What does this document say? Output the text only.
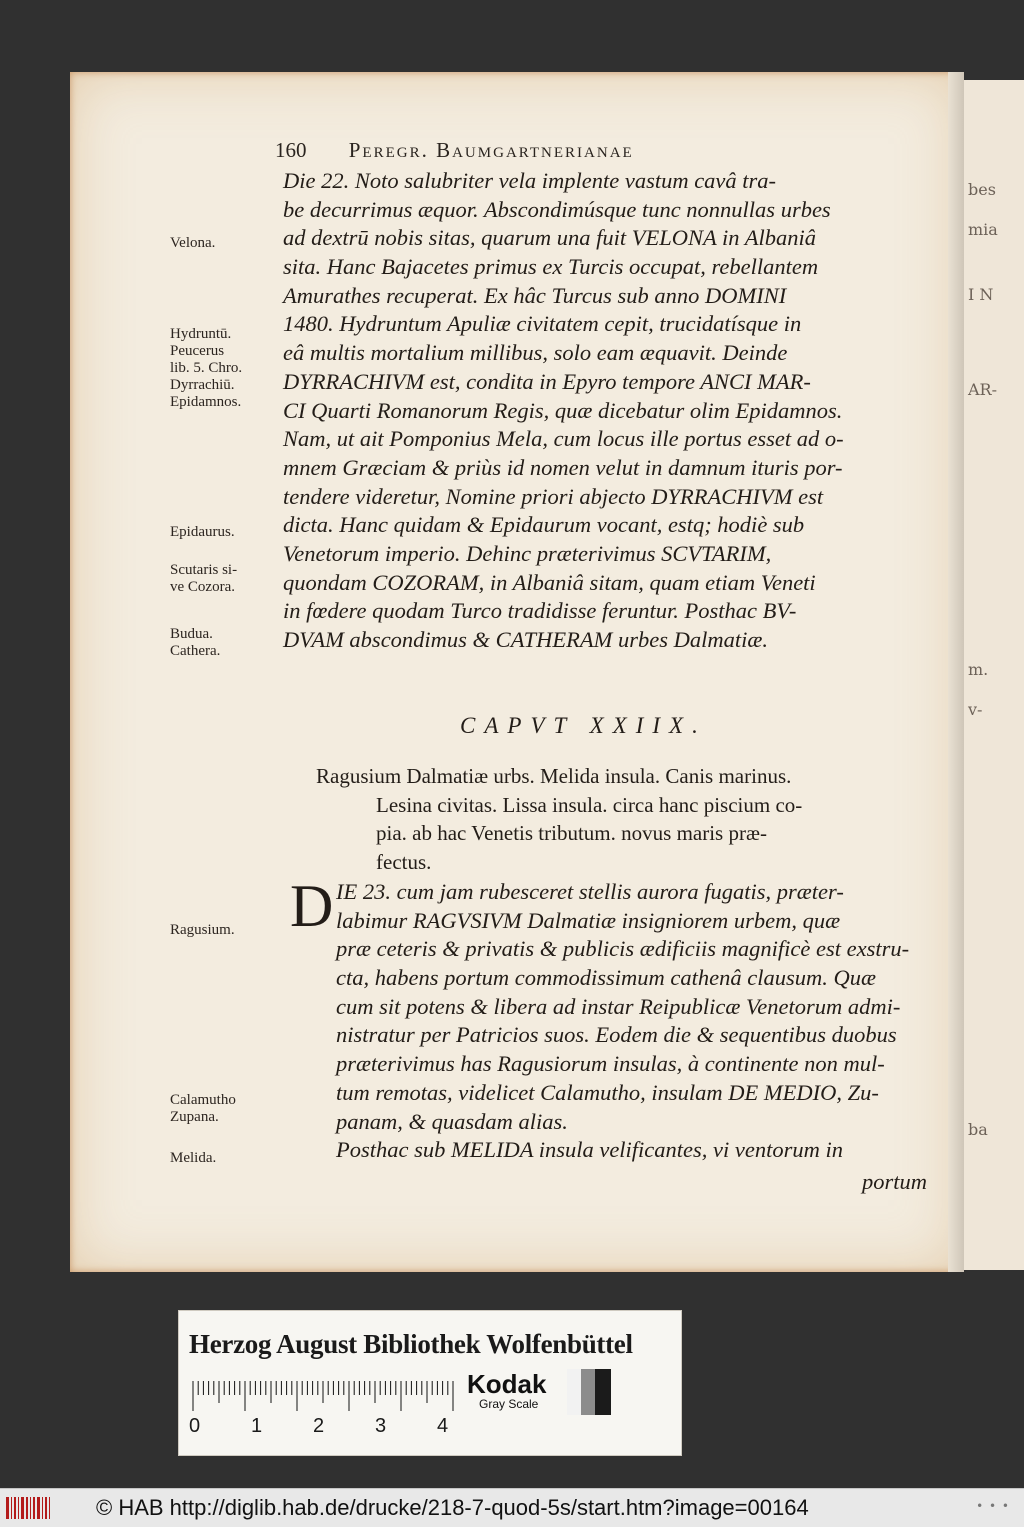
bes
mia
I N
AR-
m.
v-
ba
160 Peregr. Baumgartnerianae
Die 22. Noto salubriter vela implente vastum cavâ tra-
be decurrimus æquor. Abscondimúsque tunc nonnullas urbes
ad dextrū nobis sitas, quarum una fuit VELONA in Albaniâ
sita. Hanc Bajacetes primus ex Turcis occupat, rebellantem
Amurathes recuperat. Ex hâc Turcus sub anno DOMINI
1480. Hydruntum Apuliæ civitatem cepit, trucidatísque in
eâ multis mortalium millibus, solo eam æquavit. Deinde
DYRRACHIVM est, condita in Epyro tempore ANCI MAR-
CI Quarti Romanorum Regis, quæ dicebatur olim Epidamnos.
Nam, ut ait Pomponius Mela, cum locus ille portus esset ad o-
mnem Græciam & priùs id nomen velut in damnum ituris por-
tendere videretur, Nomine priori abjecto DYRRACHIVM est
dicta. Hanc quidam & Epidaurum vocant, estq; hodiè sub
Venetorum imperio. Dehinc præterivimus SCVTARIM,
quondam COZORAM, in Albaniâ sitam, quam etiam Veneti
in fœdere quodam Turco tradidisse feruntur. Posthac BV-
DVAM abscondimus & CATHERAM urbes Dalmatiæ.
Velona.
Hydruntū.
Peucerus
lib. 5. Chro.
Dyrrachiū.
Epidamnos.
Epidaurus.
Scutaris si-
ve Cozora.
Budua.
Cathera.
CAPVT XXIIX.
Ragusium Dalmatiæ urbs. Melida insula. Canis marinus.
Lesina civitas. Lissa insula. circa hanc piscium co-
pia. ab hac Venetis tributum. novus maris præ-
fectus.
D IE 23. cum jam rubesceret stellis aurora fugatis, præter-
labimur RAGVSIVM Dalmatiæ insigniorem urbem, quæ
præ ceteris & privatis & publicis ædificiis magnificè est exstru-
cta, habens portum commodissimum cathenâ clausum. Quæ
cum sit potens & libera ad instar Reipublicæ Venetorum admi-
nistratur per Patricios suos. Eodem die & sequentibus duobus
præterivimus has Ragusiorum insulas, à continente non mul-
tum remotas, videlicet Calamutho, insulam DE MEDIO, Zu-
panam, & quasdam alias.
Posthac sub MELIDA insula velificantes, vi ventorum in
Ragusium.
Calamutho
Zupana.
Melida.
portum
Herzog August Bibliothek Wolfenbüttel
0	1	2	3	4
Kodak
Gray Scale
© HAB http://diglib.hab.de/drucke/218-7-quod-5s/start.htm?image=00164	• • •
